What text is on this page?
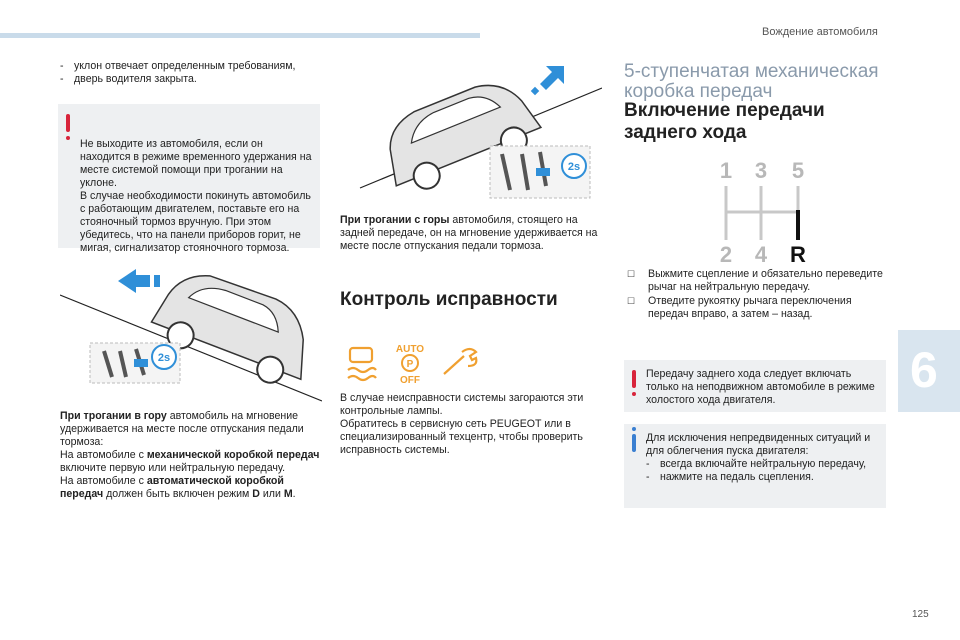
Вождение автомобиля
6
125
- уклон отвечает определенным требованиям,
- дверь водителя закрыта.

Не выходите из автомобиля, если он находится в режиме временного удержания на месте системой помощи при трогании на уклоне.
В случае необходимости покинуть автомобиль с работающим двигателем, поставьте его на стояночный тормоз вручную. При этом убедитесь, что на панели приборов горит, не мигая, сигнализатор стояночного тормоза.

2s
При трогании в гору автомобиль на мгновение удерживается на месте после отпускания педали тормоза:
На автомобиле с механической коробкой передач включите первую или нейтральную передачу.
На автомобиле с автоматической коробкой передач должен быть включен режим D или M.
2s
При трогании с горы автомобиля, стоящего на задней передаче, он на мгновение удерживается на месте после отпускания педали тормоза.
Контроль исправности
AUTO
P
OFF
В случае неисправности системы загораются эти контрольные лампы.
Обратитесь в сервисную сеть PEUGEOT или в специализированный техцентр, чтобы проверить исправность системы.
5-ступенчатая механическая коробка передач
Включение передачи заднего хода
1 3 5
2 4 R
☐ Выжмите сцепление и обязательно переведите рычаг на нейтральную передачу.
☐ Отведите рукоятку рычага переключения передач вправо, а затем – назад.
Передачу заднего хода следует включать только на неподвижном автомобиле в режиме холостого хода двигателя.
Для исключения непредвиденных ситуаций и для облегчения пуска двигателя:
- всегда включайте нейтральную передачу,
- нажмите на педаль сцепления.
